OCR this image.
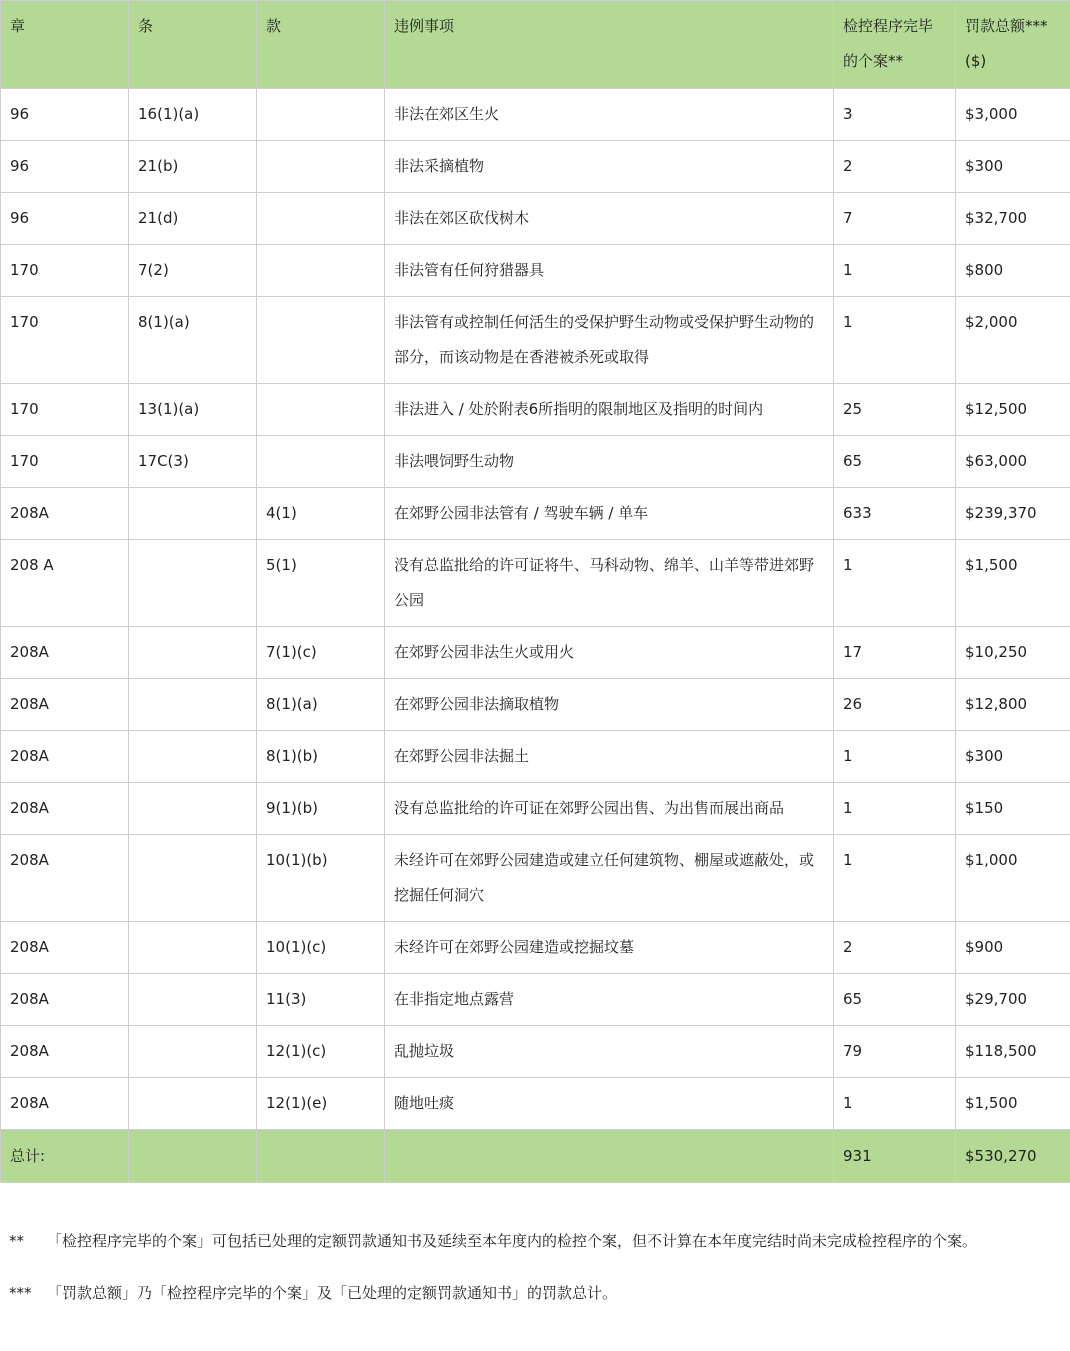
章	条	款	违例事项	检控程序完毕的个案**	罚款总额***($)
96	16(1)(a)		非法在郊区生火	3	$3,000
96	21(b)		非法采摘植物	2	$300
96	21(d)		非法在郊区砍伐树木	7	$32,700
170	7(2)		非法管有任何狩猎器具	1	$800
170	8(1)(a)		非法管有或控制任何活生的受保护野生动物或受保护野生动物的部分，而该动物是在香港被杀死或取得	1	$2,000
170	13(1)(a)		非法进入 / 处於附表6所指明的限制地区及指明的时间内	25	$12,500
170	17C(3)		非法喂饲野生动物	65	$63,000
208A		4(1)	在郊野公园非法管有 / 驾驶车辆 / 单车	633	$239,370
208 A		5(1)	没有总监批给的许可证将牛、马科动物、绵羊、山羊等带进郊野公园	1	$1,500
208A		7(1)(c)	在郊野公园非法生火或用火	17	$10,250
208A		8(1)(a)	在郊野公园非法摘取植物	26	$12,800
208A		8(1)(b)	在郊野公园非法掘土	1	$300
208A		9(1)(b)	没有总监批给的许可证在郊野公园出售、为出售而展出商品	1	$150
208A		10(1)(b)	未经许可在郊野公园建造或建立任何建筑物、棚屋或遮蔽处，或挖掘任何洞穴	1	$1,000
208A		10(1)(c)	未经许可在郊野公园建造或挖掘坟墓	2	$900
208A		11(3)	在非指定地点露营	65	$29,700
208A		12(1)(c)	乱抛垃圾	79	$118,500
208A		12(1)(e)	随地吐痰	1	$1,500
总计:				931	$530,270
**	「检控程序完毕的个案」可包括已处理的定额罚款通知书及延续至本年度内的检控个案，但不计算在本年度完结时尚未完成检控程序的个案。
***	「罚款总额」乃「检控程序完毕的个案」及「已处理的定额罚款通知书」的罚款总计。
